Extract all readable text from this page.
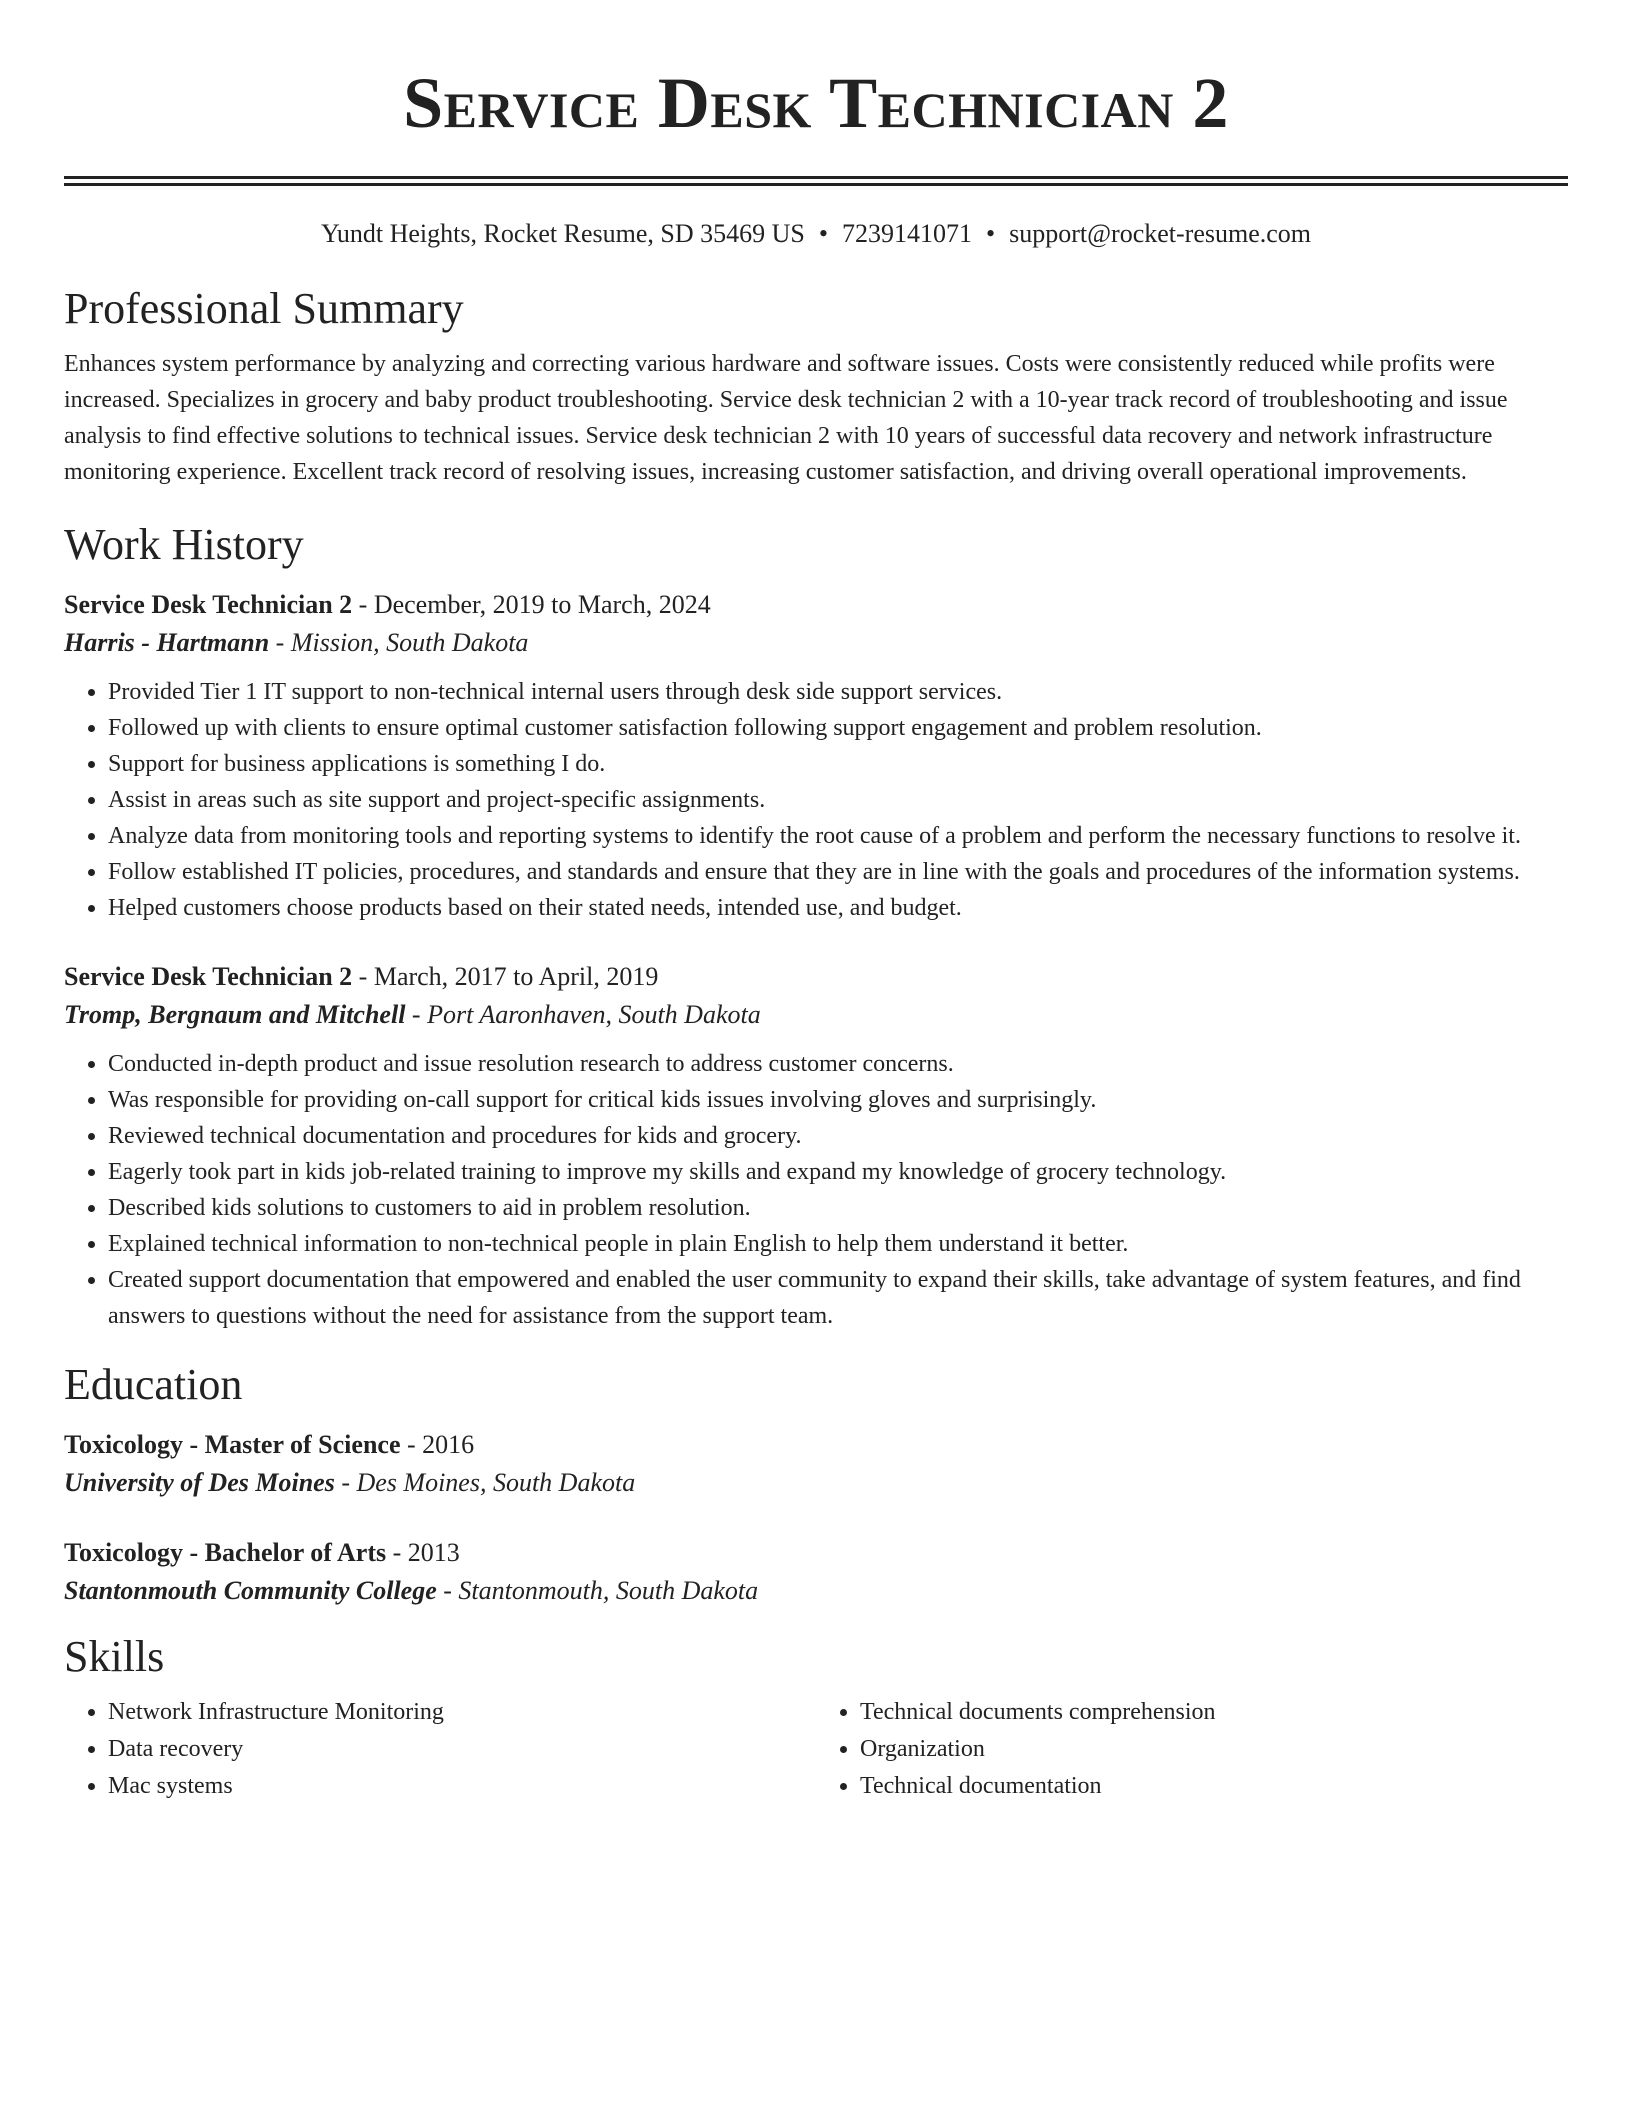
Service Desk Technician 2
Yundt Heights, Rocket Resume, SD 35469 US • 7239141071 • support@rocket-resume.com
Professional Summary

Enhances system performance by analyzing and correcting various hardware and software issues. Costs were consistently reduced while profits were increased. Specializes in grocery and baby product troubleshooting. Service desk technician 2 with a 10-year track record of troubleshooting and issue analysis to find effective solutions to technical issues. Service desk technician 2 with 10 years of successful data recovery and network infrastructure monitoring experience. Excellent track record of resolving issues, increasing customer satisfaction, and driving overall operational improvements.

Work History

Service Desk Technician 2 - December, 2019 to March, 2024

Harris - Hartmann - Mission, South Dakota

• Provided Tier 1 IT support to non-technical internal users through desk side support services.
• Followed up with clients to ensure optimal customer satisfaction following support engagement and problem resolution.
• Support for business applications is something I do.
• Assist in areas such as site support and project-specific assignments.
• Analyze data from monitoring tools and reporting systems to identify the root cause of a problem and perform the necessary functions to resolve it.
• Follow established IT policies, procedures, and standards and ensure that they are in line with the goals and procedures of the information systems.
• Helped customers choose products based on their stated needs, intended use, and budget.

Service Desk Technician 2 - March, 2017 to April, 2019

Tromp, Bergnaum and Mitchell - Port Aaronhaven, South Dakota

• Conducted in-depth product and issue resolution research to address customer concerns.
• Was responsible for providing on-call support for critical kids issues involving gloves and surprisingly.
• Reviewed technical documentation and procedures for kids and grocery.
• Eagerly took part in kids job-related training to improve my skills and expand my knowledge of grocery technology.
• Described kids solutions to customers to aid in problem resolution.
• Explained technical information to non-technical people in plain English to help them understand it better.
• Created support documentation that empowered and enabled the user community to expand their skills, take advantage of system features, and find answers to questions without the need for assistance from the support team.
Education

Toxicology - Master of Science - 2016

University of Des Moines - Des Moines, South Dakota

Toxicology - Bachelor of Arts - 2013

Stantonmouth Community College - Stantonmouth, South Dakota

Skills
• Network Infrastructure Monitoring
• Data recovery
• Mac systems
• Technical documents comprehension
• Organization
• Technical documentation
